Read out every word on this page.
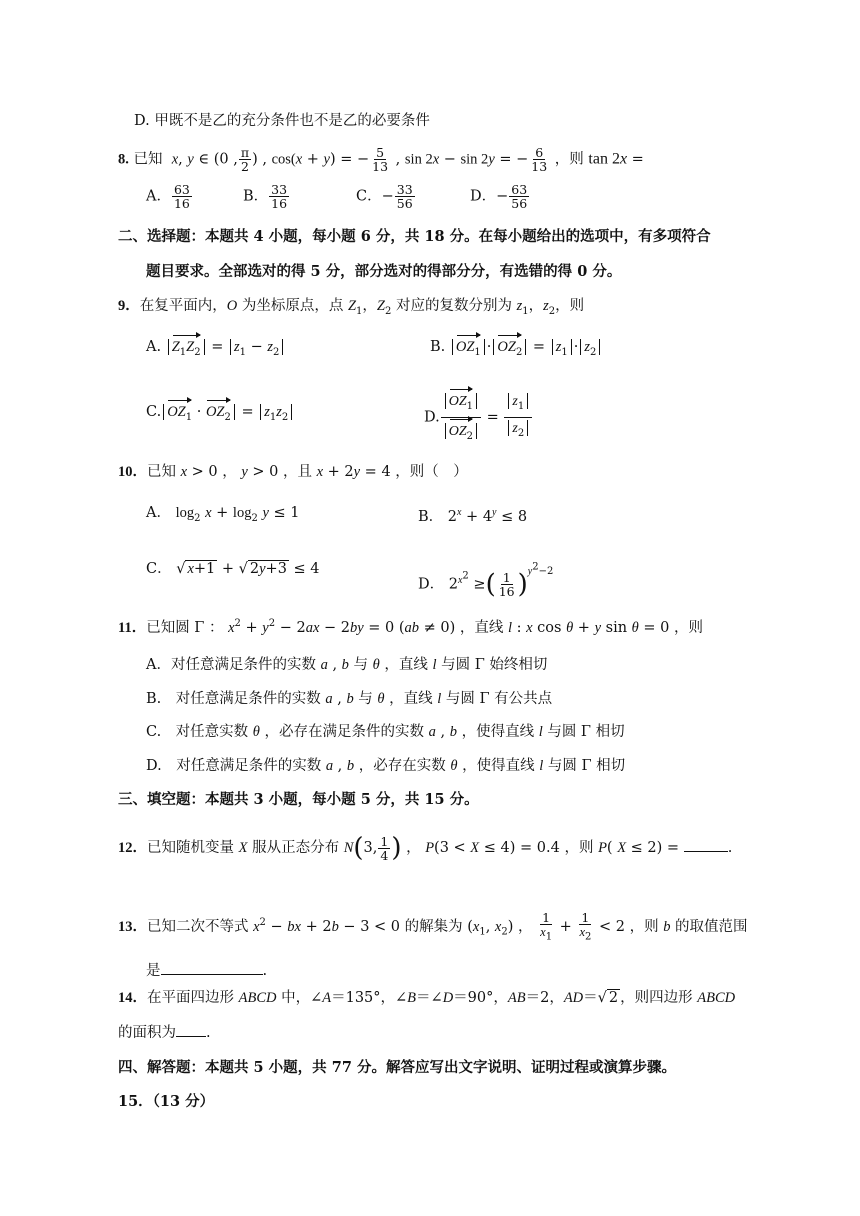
D. 甲既不是乙的充分条件也不是乙的必要条件
8. 已知  x, y ∈ (0 , $\frac{\pi}{2}$ ) , cos(x + y) = − $\frac{5}{13}$ , sin 2x − sin 2y = − $\frac{6}{13}$ ，则 tan 2x =
A． $\frac{63}{16}$	B． $\frac{33}{16}$	C．− $\frac{33}{56}$	D．− $\frac{63}{56}$
二、选择题：本题共 4 小题，每小题 6 分，共 18 分。在每小题给出的选项中，有多项符合
题目要求。全部选对的得 5 分，部分选对的得部分分，有选错的得 0 分。
9．在复平面内，O 为坐标原点，点 $Z_1$，$Z_2$ 对应的复数分别为 $z_1$，$z_2$，则
A. $Z_1Z_2 = z_1 - z_2$	B. $OZ_1 \cdot OZ_2 = z_1 \cdot z_2$
C. $OZ_1 \cdot OZ_2 = z_1z_2$	D. $\frac{OZ_1}{OZ_2} = \frac{z_1}{z_2}$
10．已知 x > 0 ， y > 0 ，且 x + 2y = 4 ，则（　）
A． $\log_2 x + \log_2 y \le 1$	B． $2^x + 4^y \le 8$
C． √ x+1 + √ 2y+3 ≤ 4
D． $2^{x^2}$ ≥( $\frac{1}{16} )^{y^2-2}$
11．已知圆 Γ ： $x^2 + y^2 - 2ax - 2by = 0$ (ab ≠ 0) ，直线 l : x cos θ + y sin θ = 0 ，则
A．对任意满足条件的实数 a , b 与 θ ，直线 l 与圆 Γ 始终相切
B.　对任意满足条件的实数 a , b 与 θ ，直线 l 与圆 Γ 有公共点
C.　对任意实数 θ ，必存在满足条件的实数 a , b ，使得直线 l 与圆 Γ 相切
D.　对任意满足条件的实数 a , b ，必存在实数 θ ，使得直线 l 与圆 Γ 相切
三、填空题：本题共 3 小题，每小题 5 分，共 15 分。
12．已知随机变量 X 服从正态分布 N(3, $\frac{1}{4}$ ) ， P(3 < X ≤ 4) = 0.4 ，则 P( X ≤ 2) =	.
13．已知二次不等式 $x^2$ − bx + 2b − 3 < 0 的解集为 ($x_1$, $x_2$) ， $\frac{1}{x_1} + \frac{1}{x_2} < 2$ ，则 b 的取值范围
是	.
14．在平面四边形 ABCD 中，∠A＝135°，∠B＝∠D＝90°，AB＝2，AD＝√ 2 ，则四边形 ABCD
的面积为 .
四、解答题：本题共 5 小题，共 77 分。解答应写出文字说明、证明过程或演算步骤。
15．（13 分）
